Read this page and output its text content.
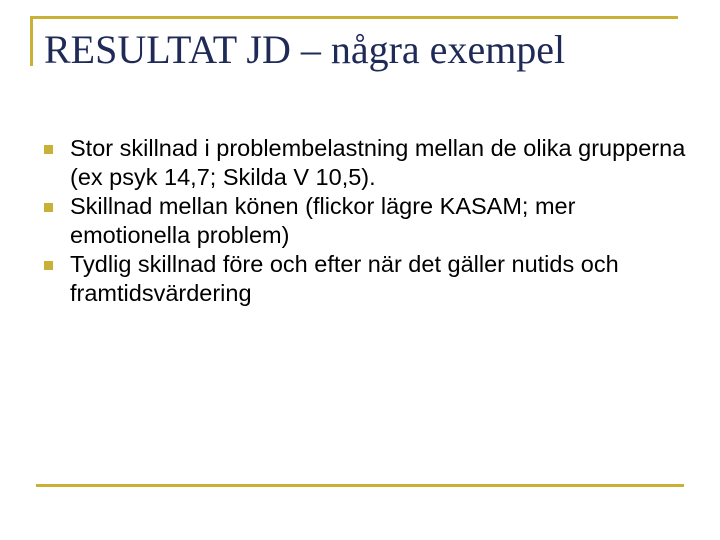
RESULTAT JD – några exempel
Stor skillnad i problembelastning mellan de olika grupperna (ex psyk 14,7; Skilda V 10,5).
Skillnad mellan könen (flickor lägre KASAM; mer emotionella problem)
Tydlig skillnad före och efter när det gäller nutids och framtidsvärdering
